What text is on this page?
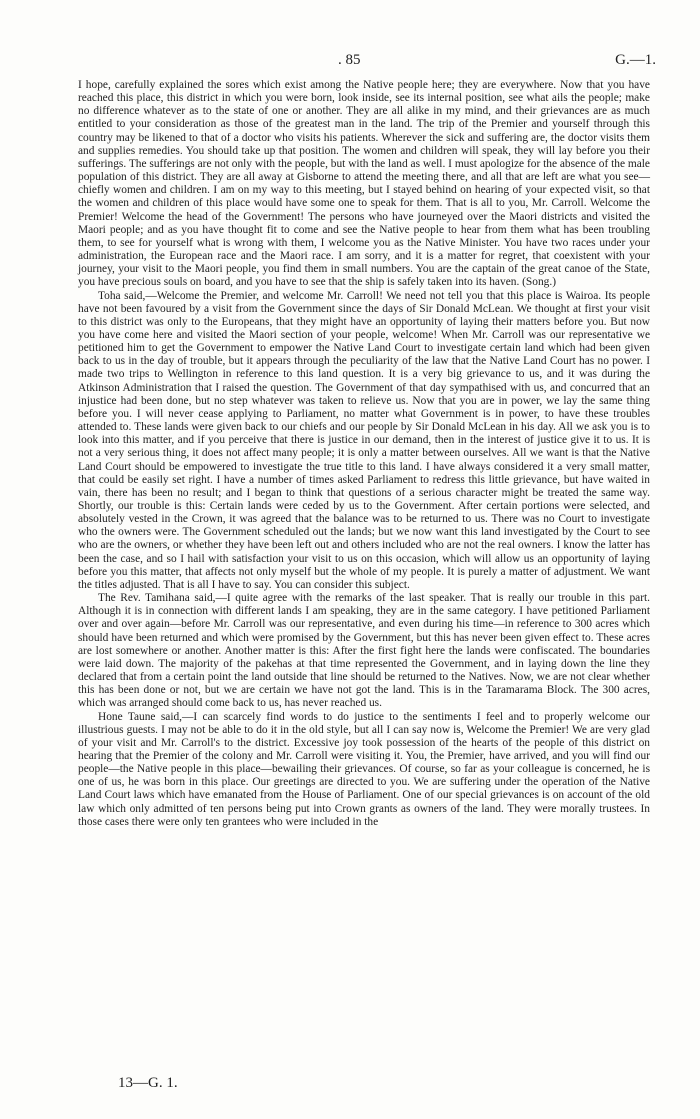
. 85	G.—1.

I hope, carefully explained the sores which exist among the Native people here; they are everywhere. Now that you have reached this place, this district in which you were born, look inside, see its internal position, see what ails the people; make no difference whatever as to the state of one or another. They are all alike in my mind, and their grievances are as much entitled to your consideration as those of the greatest man in the land. The trip of the Premier and yourself through this country may be likened to that of a doctor who visits his patients. Wherever the sick and suffering are, the doctor visits them and supplies remedies. You should take up that position. The women and children will speak, they will lay before you their sufferings. The sufferings are not only with the people, but with the land as well. I must apologize for the absence of the male population of this district. They are all away at Gisborne to attend the meeting there, and all that are left are what you see—chiefly women and children. I am on my way to this meeting, but I stayed behind on hearing of your expected visit, so that the women and children of this place would have some one to speak for them. That is all to you, Mr. Carroll. Welcome the Premier! Welcome the head of the Government! The persons who have journeyed over the Maori districts and visited the Maori people; and as you have thought fit to come and see the Native people to hear from them what has been troubling them, to see for yourself what is wrong with them, I welcome you as the Native Minister. You have two races under your administration, the European race and the Maori race. I am sorry, and it is a matter for regret, that coexistent with your journey, your visit to the Maori people, you find them in small numbers. You are the captain of the great canoe of the State, you have precious souls on board, and you have to see that the ship is safely taken into its haven. (Song.)

Toha said,—Welcome the Premier, and welcome Mr. Carroll! We need not tell you that this place is Wairoa. Its people have not been favoured by a visit from the Government since the days of Sir Donald McLean. We thought at first your visit to this district was only to the Europeans, that they might have an opportunity of laying their matters before you. But now you have come here and visited the Maori section of your people, welcome! When Mr. Carroll was our representative we petitioned him to get the Government to empower the Native Land Court to investigate certain land which had been given back to us in the day of trouble, but it appears through the peculiarity of the law that the Native Land Court has no power. I made two trips to Wellington in reference to this land question. It is a very big grievance to us, and it was during the Atkinson Administration that I raised the question. The Government of that day sympathised with us, and concurred that an injustice had been done, but no step whatever was taken to relieve us. Now that you are in power, we lay the same thing before you. I will never cease applying to Parliament, no matter what Government is in power, to have these troubles attended to. These lands were given back to our chiefs and our people by Sir Donald McLean in his day. All we ask you is to look into this matter, and if you perceive that there is justice in our demand, then in the interest of justice give it to us. It is not a very serious thing, it does not affect many people; it is only a matter between ourselves. All we want is that the Native Land Court should be empowered to investigate the true title to this land. I have always considered it a very small matter, that could be easily set right. I have a number of times asked Parliament to redress this little grievance, but have waited in vain, there has been no result; and I began to think that questions of a serious character might be treated the same way. Shortly, our trouble is this: Certain lands were ceded by us to the Government. After certain portions were selected, and absolutely vested in the Crown, it was agreed that the balance was to be returned to us. There was no Court to investigate who the owners were. The Government scheduled out the lands; but we now want this land investigated by the Court to see who are the owners, or whether they have been left out and others included who are not the real owners. I know the latter has been the case, and so I hail with satisfaction your visit to us on this occasion, which will allow us an opportunity of laying before you this matter, that affects not only myself but the whole of my people. It is purely a matter of adjustment. We want the titles adjusted. That is all I have to say. You can consider this subject.

The Rev. Tamihana said,—I quite agree with the remarks of the last speaker. That is really our trouble in this part. Although it is in connection with different lands I am speaking, they are in the same category. I have petitioned Parliament over and over again—before Mr. Carroll was our representative, and even during his time—in reference to 300 acres which should have been returned and which were promised by the Government, but this has never been given effect to. These acres are lost somewhere or another. Another matter is this: After the first fight here the lands were confiscated. The boundaries were laid down. The majority of the pakehas at that time represented the Government, and in laying down the line they declared that from a certain point the land outside that line should be returned to the Natives. Now, we are not clear whether this has been done or not, but we are certain we have not got the land. This is in the Taramarama Block. The 300 acres, which was arranged should come back to us, has never reached us.

Hone Taune said,—I can scarcely find words to do justice to the sentiments I feel and to properly welcome our illustrious guests. I may not be able to do it in the old style, but all I can say now is, Welcome the Premier! We are very glad of your visit and Mr. Carroll's to the district. Excessive joy took possession of the hearts of the people of this district on hearing that the Premier of the colony and Mr. Carroll were visiting it. You, the Premier, have arrived, and you will find our people—the Native people in this place—bewailing their grievances. Of course, so far as your colleague is concerned, he is one of us, he was born in this place. Our greetings are directed to you. We are suffering under the operation of the Native Land Court laws which have emanated from the House of Parliament. One of our special grievances is on account of the old law which only admitted of ten persons being put into Crown grants as owners of the land. They were morally trustees. In those cases there were only ten grantees who were included in the

13—G. 1.
